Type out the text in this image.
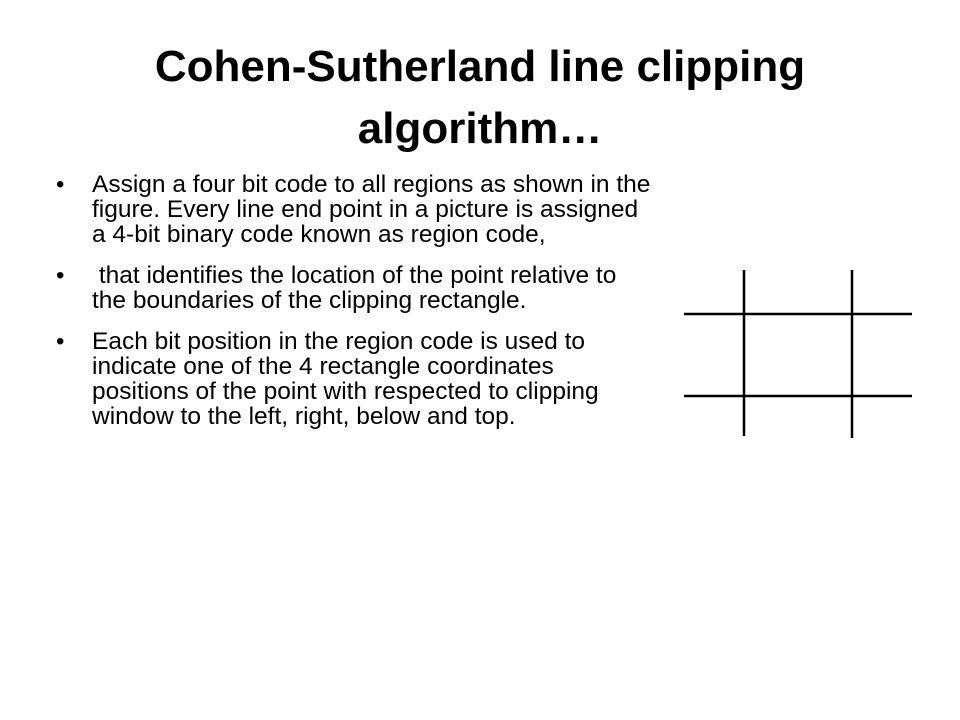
Cohen-Sutherland line clipping algorithm…
• Assign a four bit code to all regions as shown in the figure. Every line end point in a picture is assigned a 4-bit binary code known as region code,
• that identifies the location of the point relative to the boundaries of the clipping rectangle.
• Each bit position in the region code is used to indicate one of the 4 rectangle coordinates positions of the point with respected to clipping window to the left, right, below and top.
